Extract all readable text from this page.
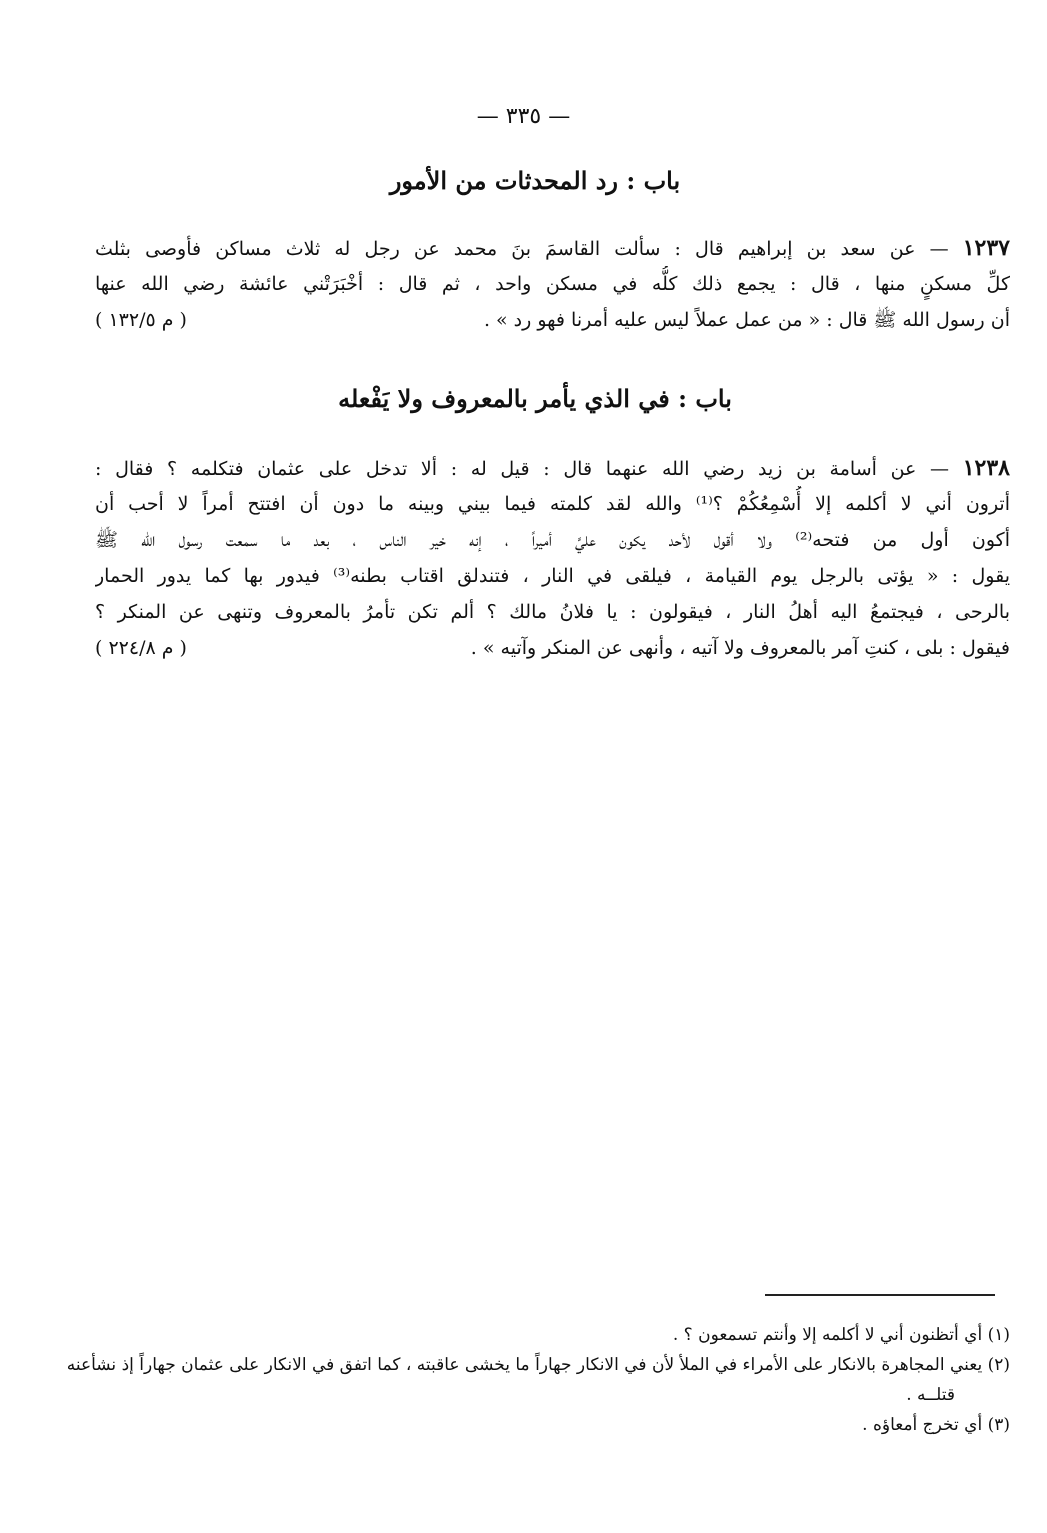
— ٣٣٥ —
باب : رد المحدثات من الأمور
١٢٣٧ — عن سعد بن إبراهيم قال : سألت القاسمَ بنَ محمد عن رجل له ثلاث مساكن فأوصى بثلث
كلِّ مسكنٍ منها ، قال : يجمع ذلك كلُّه في مسكن واحد ، ثم قال : أخْبَرَتْني عائشة رضي الله عنها
أن رسول الله ﷺ قال : « من عمل عملاً ليس عليه أمرنا فهو رد » .
( م ١٣٢/٥ )
باب : في الذي يأمر بالمعروف ولا يَفْعله
١٢٣٨ — عن أسامة بن زيد رضي الله عنهما قال : قيل له : ألا تدخل على عثمان فتكلمه ؟ فقال :
أترون أني لا أكلمه إلا أُسْمِعُكُمْ ؟⁽¹⁾ والله لقد كلمته فيما بيني وبينه ما دون أن افتتح أمراً لا أحب أن
أكون أول من فتحه⁽²⁾ ولا أقول لأحد يكون عليَّ أميراً ، إنه خير الناس ، بعد ما سمعت رسول الله ﷺ
يقول : « يؤتى بالرجل يوم القيامة ، فيلقى في النار ، فتندلق اقتاب بطنه⁽³⁾ فيدور بها كما يدور الحمار
بالرحى ، فيجتمعُ اليه أهلُ النار ، فيقولون : يا فلانُ مالك ؟ ألم تكن تأمرُ بالمعروف وتنهى عن المنكر ؟
فيقول : بلى ، كنتِ آمر بالمعروف ولا آتيه ، وأنهى عن المنكر وآتيه » .
( م ٢٢٤/٨ )
(١) أي أتظنون أني لا أكلمه إلا وأنتم تسمعون ؟ .
(٢) يعني المجاهرة بالانكار على الأمراء في الملأ لأن في الانكار جهاراً ما يخشى عاقبته ، كما اتفق في الانكار على عثمان جهاراً إذ نشأعنه
قتلــه .
(٣) أي تخرج أمعاؤه .
